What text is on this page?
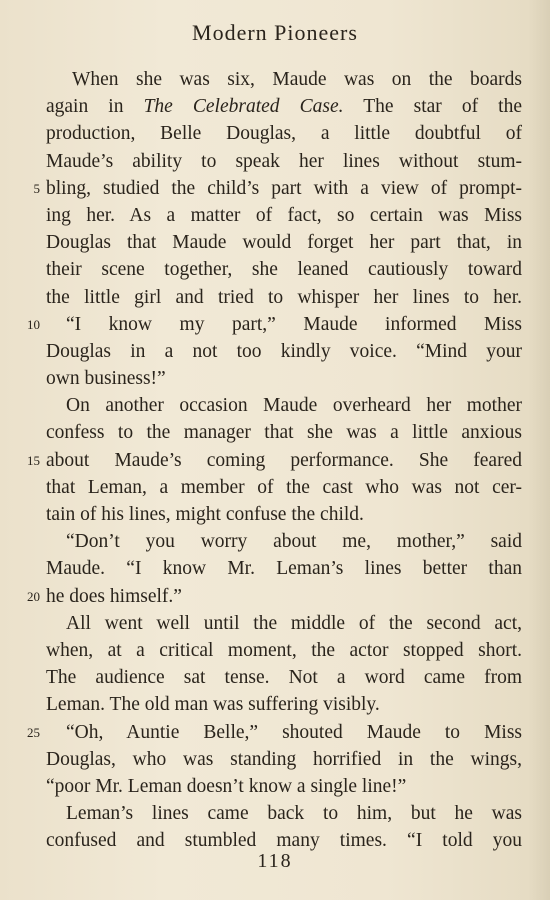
Modern Pioneers
When she was six, Maude was on the boards
again in The Celebrated Case. The star of the
production, Belle Douglas, a little doubtful of
Maude’s ability to speak her lines without stum-
5 bling, studied the child’s part with a view of prompt-
ing her. As a matter of fact, so certain was Miss
Douglas that Maude would forget her part that, in
their scene together, she leaned cautiously toward
the little girl and tried to whisper her lines to her.
10 “I know my part,” Maude informed Miss
Douglas in a not too kindly voice. “Mind your
own business!”
On another occasion Maude overheard her mother
confess to the manager that she was a little anxious
15 about Maude’s coming performance. She feared
that Leman, a member of the cast who was not cer-
tain of his lines, might confuse the child.
“Don’t you worry about me, mother,” said
Maude. “I know Mr. Leman’s lines better than
20 he does himself.”
All went well until the middle of the second act,
when, at a critical moment, the actor stopped short.
The audience sat tense. Not a word came from
Leman. The old man was suffering visibly.
25 “Oh, Auntie Belle,” shouted Maude to Miss
Douglas, who was standing horrified in the wings,
“poor Mr. Leman doesn’t know a single line!”
Leman’s lines came back to him, but he was
confused and stumbled many times. “I told you
118
